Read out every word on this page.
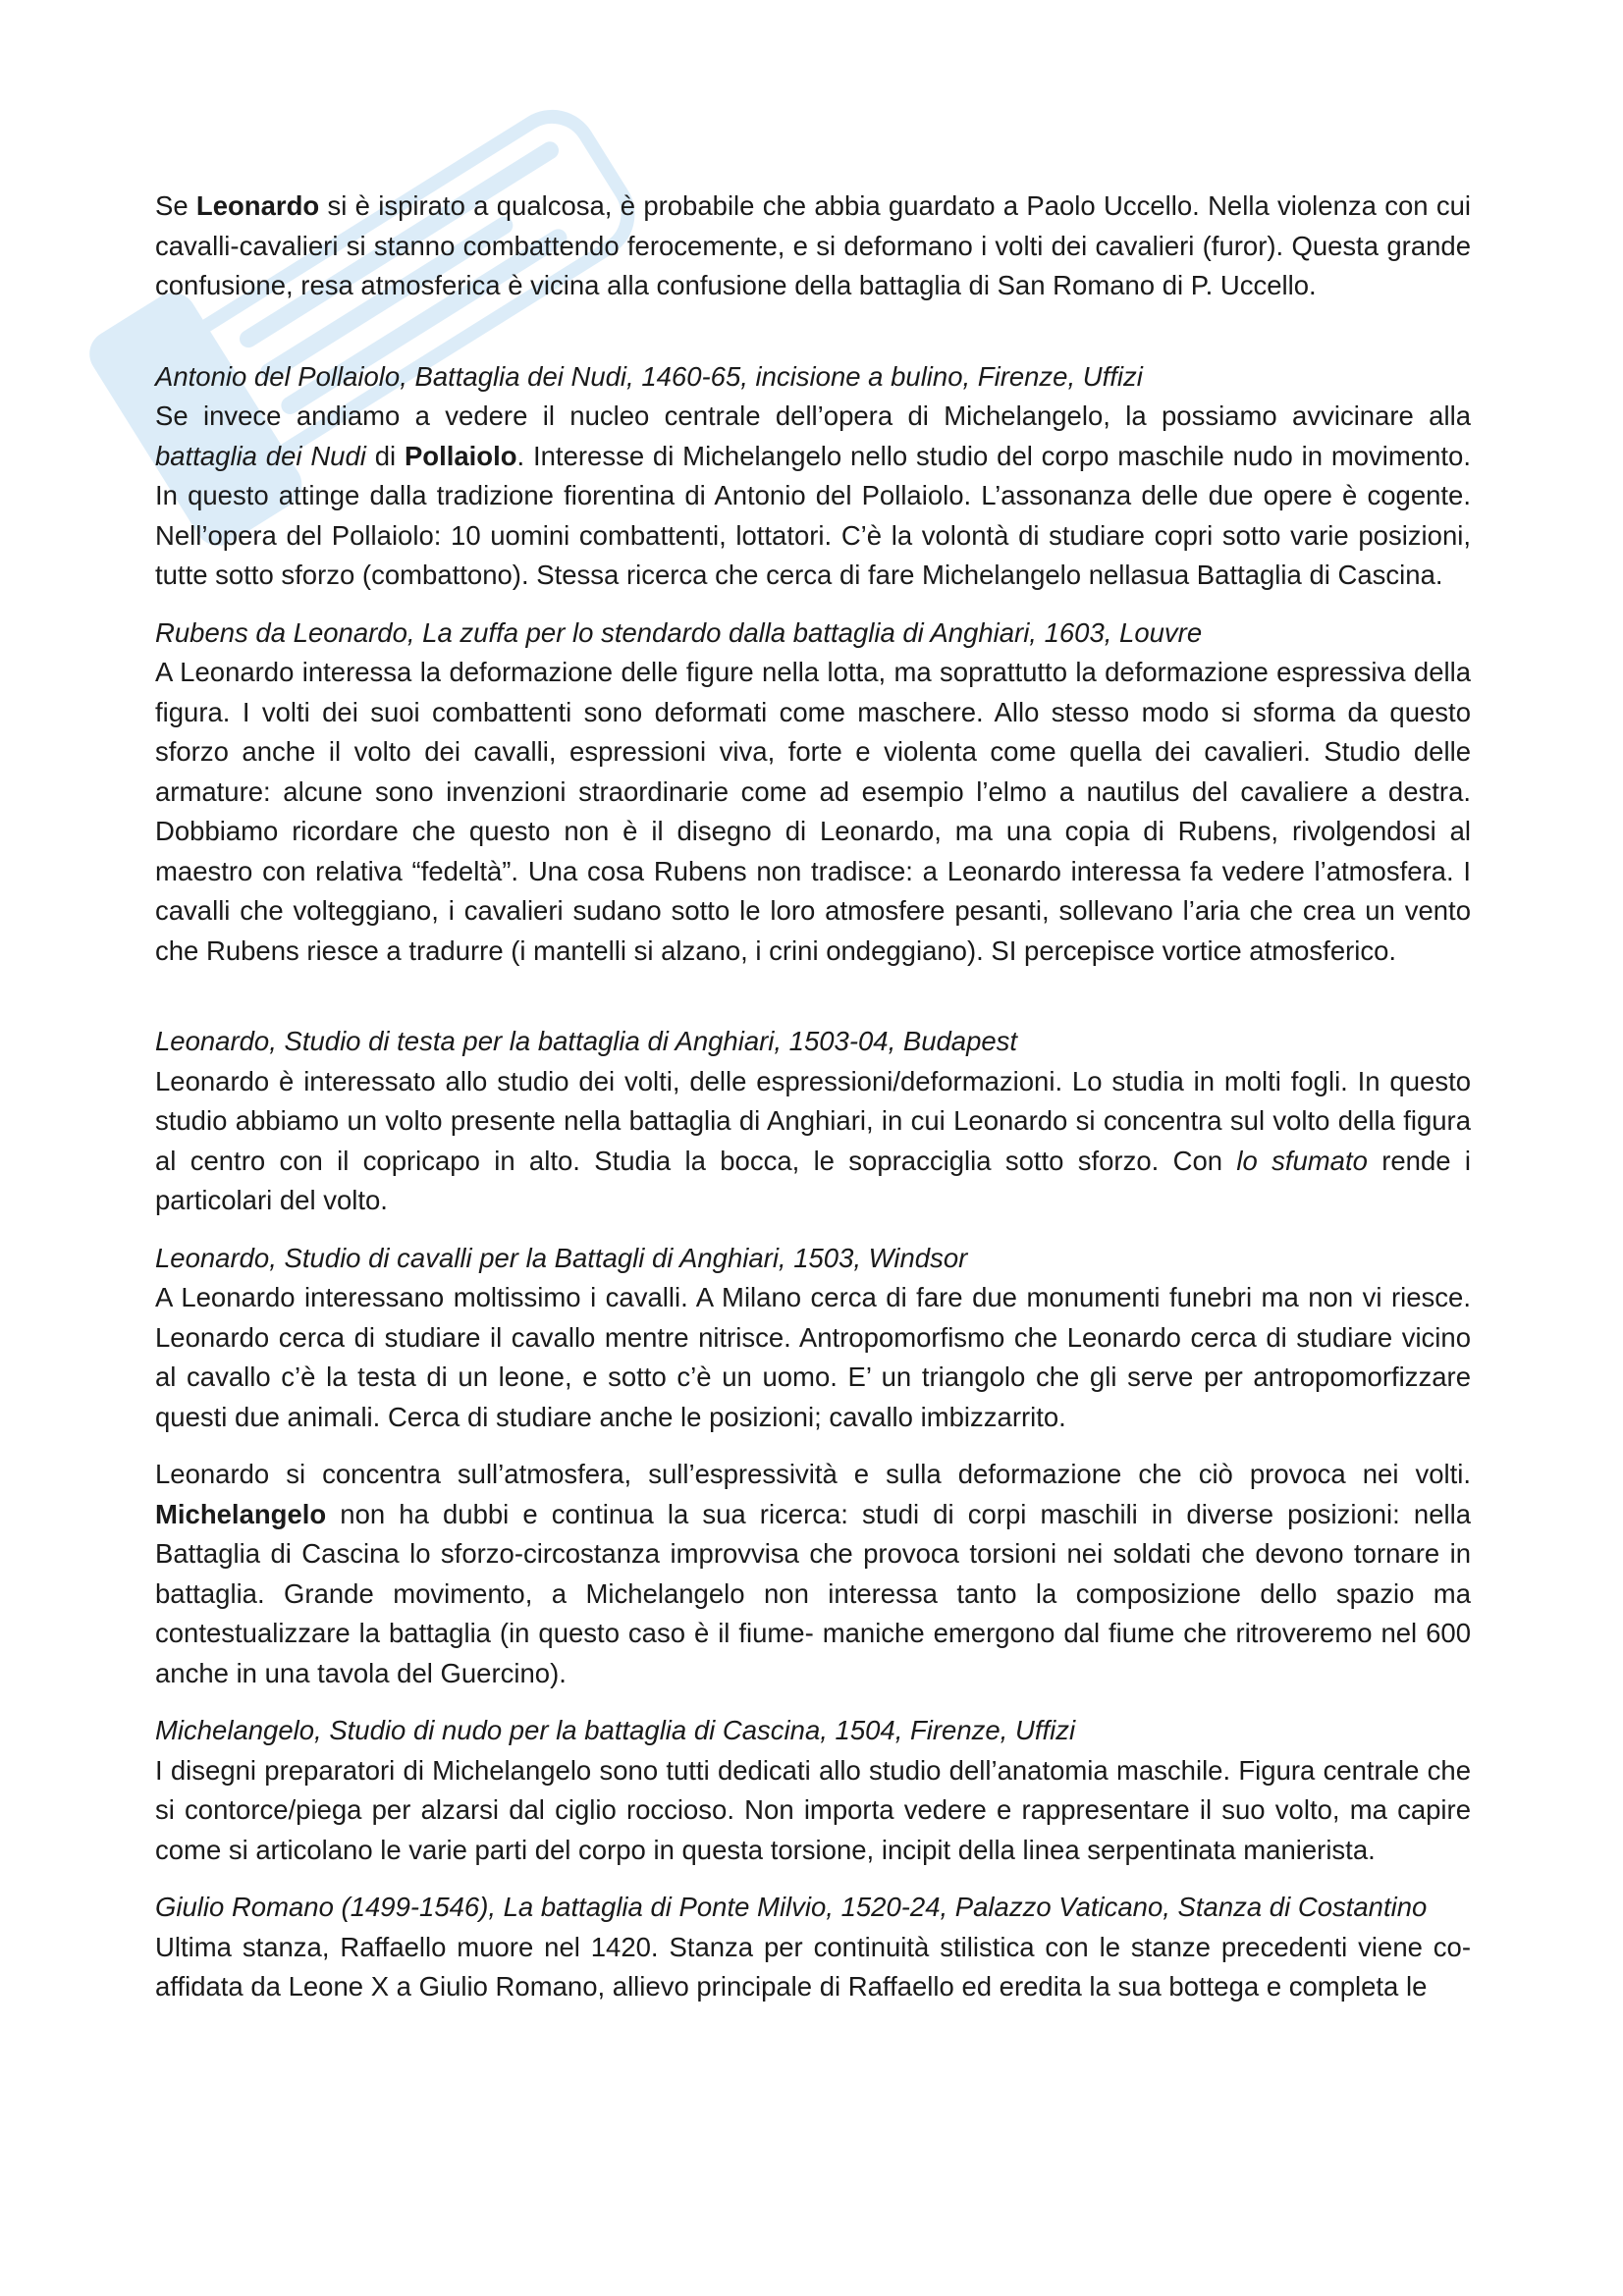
Se Leonardo si è ispirato a qualcosa, è probabile che abbia guardato a Paolo Uccello. Nella violenza con cui cavalli-cavalieri si stanno combattendo ferocemente, e si deformano i volti dei cavalieri (furor). Questa grande confusione, resa atmosferica è vicina alla confusione della battaglia di San Romano di P. Uccello.

Antonio del Pollaiolo, Battaglia dei Nudi, 1460-65, incisione a bulino, Firenze, Uffizi

Se invece andiamo a vedere il nucleo centrale dell’opera di Michelangelo, la possiamo avvicinare alla battaglia dei Nudi di Pollaiolo. Interesse di Michelangelo nello studio del corpo maschile nudo in movimento. In questo attinge dalla tradizione fiorentina di Antonio del Pollaiolo. L’assonanza delle due opere è cogente. Nell’opera del Pollaiolo: 10 uomini combattenti, lottatori. C’è la volontà di studiare copri sotto varie posizioni, tutte sotto sforzo (combattono). Stessa ricerca che cerca di fare Michelangelo nellasua Battaglia di Cascina.

Rubens da Leonardo, La zuffa per lo stendardo dalla battaglia di Anghiari, 1603, Louvre

A Leonardo interessa la deformazione delle figure nella lotta, ma soprattutto la deformazione espressiva della figura. I volti dei suoi combattenti sono deformati come maschere. Allo stesso modo si sforma da questo sforzo anche il volto dei cavalli, espressioni viva, forte e violenta come quella dei cavalieri. Studio delle armature: alcune sono invenzioni straordinarie come ad esempio l’elmo a nautilus del cavaliere a destra. Dobbiamo ricordare che questo non è il disegno di Leonardo, ma una copia di Rubens, rivolgendosi al maestro con relativa “fedeltà”. Una cosa Rubens non tradisce: a Leonardo interessa fa vedere l’atmosfera. I cavalli che volteggiano, i cavalieri sudano sotto le loro atmosfere pesanti, sollevano l’aria che crea un vento che Rubens riesce a tradurre (i mantelli si alzano, i crini ondeggiano). SI percepisce vortice atmosferico.

Leonardo, Studio di testa per la battaglia di Anghiari, 1503-04, Budapest

Leonardo è interessato allo studio dei volti, delle espressioni/deformazioni. Lo studia in molti fogli. In questo studio abbiamo un volto presente nella battaglia di Anghiari, in cui Leonardo si concentra sul volto della figura al centro con il copricapo in alto. Studia la bocca, le sopracciglia sotto sforzo. Con lo sfumato rende i particolari del volto.

Leonardo, Studio di cavalli per la Battagli di Anghiari, 1503, Windsor

A Leonardo interessano moltissimo i cavalli. A Milano cerca di fare due monumenti funebri ma non vi riesce. Leonardo cerca di studiare il cavallo mentre nitrisce. Antropomorfismo che Leonardo cerca di studiare vicino al cavallo c’è la testa di un leone, e sotto c’è un uomo. E’ un triangolo che gli serve per antropomorfizzare questi due animali. Cerca di studiare anche le posizioni; cavallo imbizzarrito.

Leonardo si concentra sull’atmosfera, sull’espressività e sulla deformazione che ciò provoca nei volti. Michelangelo non ha dubbi e continua la sua ricerca: studi di corpi maschili in diverse posizioni: nella Battaglia di Cascina lo sforzo-circostanza improvvisa che provoca torsioni nei soldati che devono tornare in battaglia. Grande movimento, a Michelangelo non interessa tanto la composizione dello spazio ma contestualizzare la battaglia (in questo caso è il fiume- maniche emergono dal fiume che ritroveremo nel 600 anche in una tavola del Guercino).

Michelangelo, Studio di nudo per la battaglia di Cascina, 1504, Firenze, Uffizi

I disegni preparatori di Michelangelo sono tutti dedicati allo studio dell’anatomia maschile. Figura centrale che si contorce/piega per alzarsi dal ciglio roccioso. Non importa vedere e rappresentare il suo volto, ma capire come si articolano le varie parti del corpo in questa torsione, incipit della linea serpentinata manierista.

Giulio Romano (1499-1546), La battaglia di Ponte Milvio, 1520-24, Palazzo Vaticano, Stanza di Costantino

Ultima stanza, Raffaello muore nel 1420. Stanza per continuità stilistica con le stanze precedenti viene co-affidata da Leone X a Giulio Romano, allievo principale di Raffaello ed eredita la sua bottega e completa le
